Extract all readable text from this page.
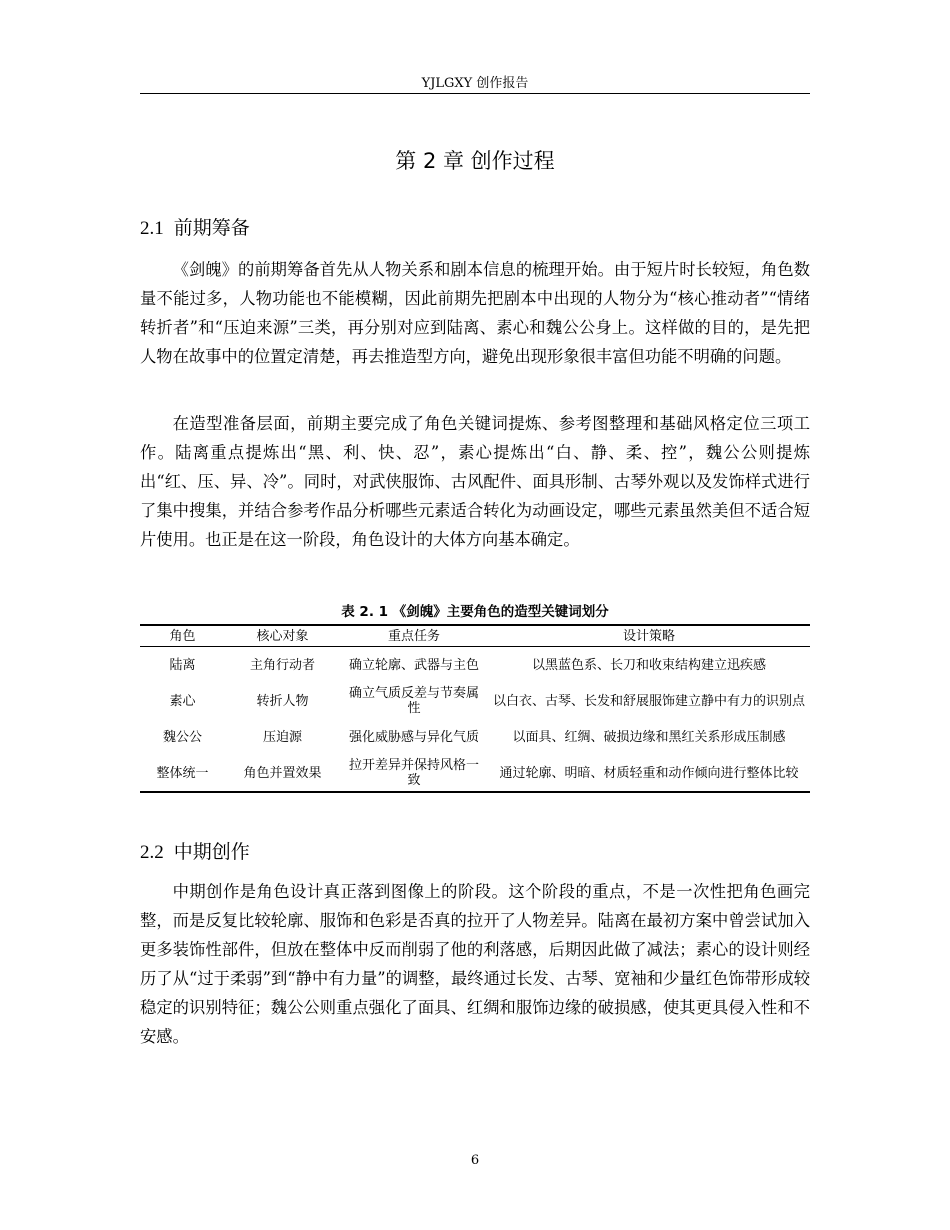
YJLGXY 创作报告
第 2 章 创作过程
2.1 前期筹备

《剑魄》的前期筹备首先从人物关系和剧本信息的梳理开始。由于短片时长较短，角色数量不能过多，人物功能也不能模糊，因此前期先把剧本中出现的人物分为“核心推动者”“情绪转折者”和“压迫来源”三类，再分别对应到陆离、素心和魏公公身上。这样做的目的，是先把人物在故事中的位置定清楚，再去推造型方向，避免出现形象很丰富但功能不明确的问题。

在造型准备层面，前期主要完成了角色关键词提炼、参考图整理和基础风格定位三项工作。陆离重点提炼出“黑、利、快、忍”，素心提炼出“白、静、柔、控”，魏公公则提炼出“红、压、异、冷”。同时，对武侠服饰、古风配件、面具形制、古琴外观以及发饰样式进行了集中搜集，并结合参考作品分析哪些元素适合转化为动画设定，哪些元素虽然美但不适合短片使用。也正是在这一阶段，角色设计的大体方向基本确定。

表 2. 1 《剑魄》主要角色的造型关键词划分
角色	核心对象	重点任务	设计策略
陆离	主角行动者	确立轮廓、武器与主色	以黑蓝色系、长刀和收束结构建立迅疾感
素心	转折人物	确立气质反差与节奏属性	以白衣、古琴、长发和舒展服饰建立静中有力的识别点
魏公公	压迫源	强化威胁感与异化气质	以面具、红绸、破损边缘和黑红关系形成压制感
整体统一	角色并置效果	拉开差异并保持风格一致	通过轮廓、明暗、材质轻重和动作倾向进行整体比较
2.2 中期创作

中期创作是角色设计真正落到图像上的阶段。这个阶段的重点，不是一次性把角色画完整，而是反复比较轮廓、服饰和色彩是否真的拉开了人物差异。陆离在最初方案中曾尝试加入更多装饰性部件，但放在整体中反而削弱了他的利落感，后期因此做了减法；素心的设计则经历了从“过于柔弱”到“静中有力量”的调整，最终通过长发、古琴、宽袖和少量红色饰带形成较稳定的识别特征；魏公公则重点强化了面具、红绸和服饰边缘的破损感，使其更具侵入性和不安感。

6
